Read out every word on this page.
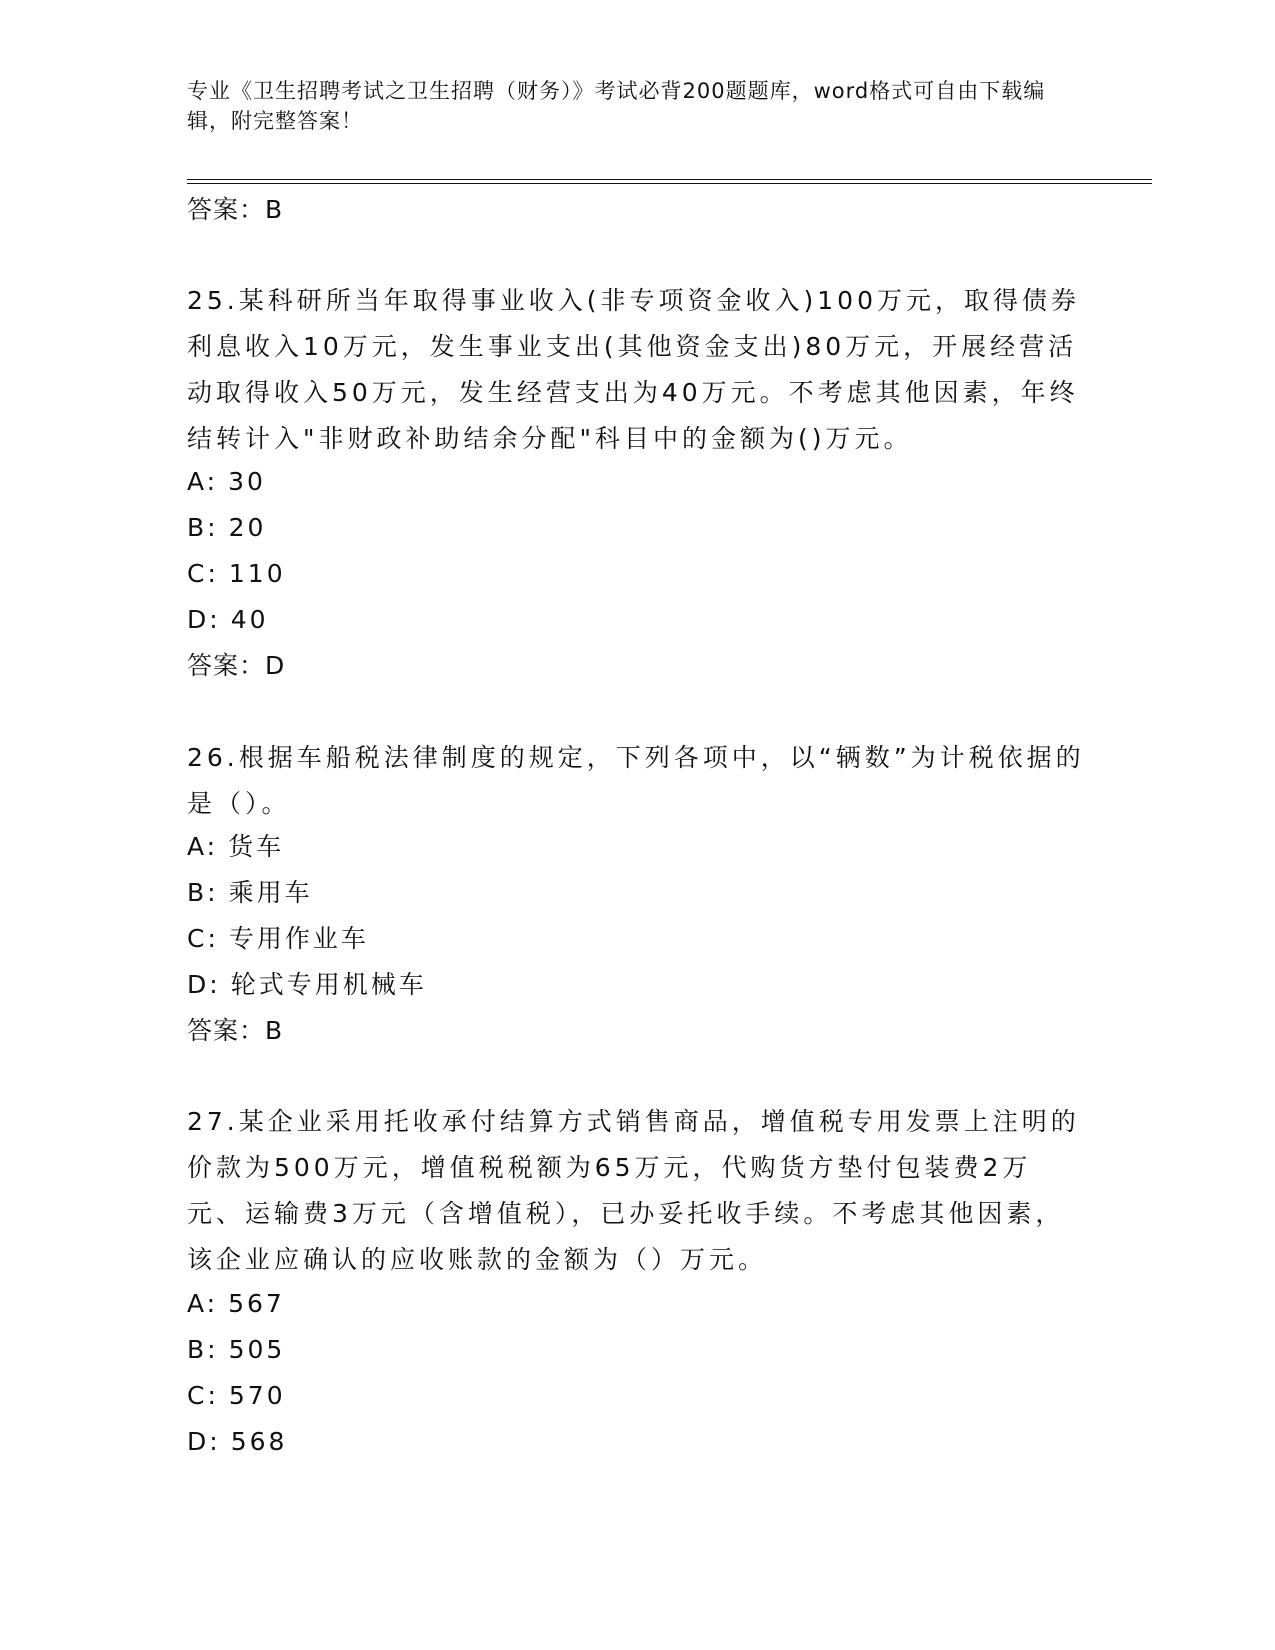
专业《卫生招聘考试之卫生招聘（财务）》考试必背200题题库，word格式可自由下载编辑，附完整答案！
答案：B
25.某科研所当年取得事业收入(非专项资金收入)100万元，取得债券利息收入10万元，发生事业支出(其他资金支出)80万元，开展经营活动取得收入50万元，发生经营支出为40万元。不考虑其他因素，年终结转计入"非财政补助结余分配"科目中的金额为()万元。
A: 30
B: 20
C: 110
D: 40
答案：D
26.根据车船税法律制度的规定，下列各项中，以“辆数”为计税依据的是（）。
A: 货车
B: 乘用车
C: 专用作业车
D: 轮式专用机械车
答案：B
27.某企业采用托收承付结算方式销售商品，增值税专用发票上注明的价款为500万元，增值税税额为65万元，代购货方垫付包装费2万元、运输费3万元（含增值税），已办妥托收手续。不考虑其他因素，该企业应确认的应收账款的金额为（）万元。
A: 567
B: 505
C: 570
D: 568
